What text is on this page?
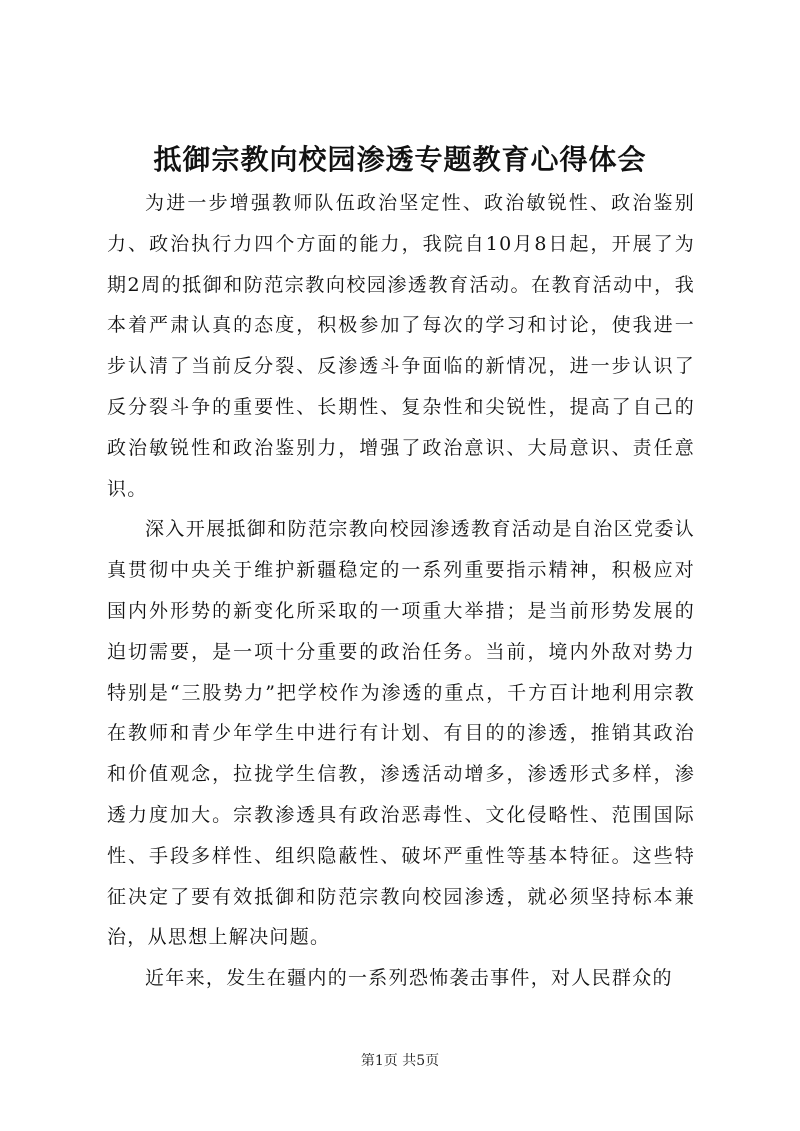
抵御宗教向校园渗透专题教育心得体会

为进一步增强教师队伍政治坚定性、政治敏锐性、政治鉴别力、政治执行力四个方面的能力，我院自10月8日起，开展了为期2周的抵御和防范宗教向校园渗透教育活动。在教育活动中，我本着严肃认真的态度，积极参加了每次的学习和讨论，使我进一步认清了当前反分裂、反渗透斗争面临的新情况，进一步认识了反分裂斗争的重要性、长期性、复杂性和尖锐性，提高了自己的政治敏锐性和政治鉴别力，增强了政治意识、大局意识、责任意识。

深入开展抵御和防范宗教向校园渗透教育活动是自治区党委认真贯彻中央关于维护新疆稳定的一系列重要指示精神，积极应对国内外形势的新变化所采取的一项重大举措；是当前形势发展的迫切需要，是一项十分重要的政治任务。当前，境内外敌对势力特别是“三股势力”把学校作为渗透的重点，千方百计地利用宗教在教师和青少年学生中进行有计划、有目的的渗透，推销其政治和价值观念，拉拢学生信教，渗透活动增多，渗透形式多样，渗透力度加大。宗教渗透具有政治恶毒性、文化侵略性、范围国际性、手段多样性、组织隐蔽性、破坏严重性等基本特征。这些特征决定了要有效抵御和防范宗教向校园渗透，就必须坚持标本兼治，从思想上解决问题。

近年来，发生在疆内的一系列恐怖袭击事件，对人民群众的

第1页 共5页
